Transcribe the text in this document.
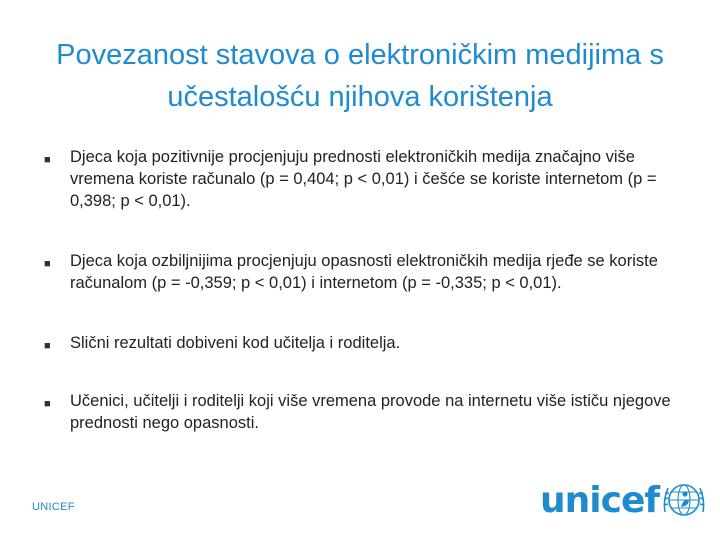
Povezanost stavova o elektroničkim medijima s učestalošću njihova korištenja
■	Djeca koja pozitivnije procjenjuju prednosti elektroničkih medija značajno više vremena koriste računalo (p = 0,404; p < 0,01) i češće se koriste internetom (p = 0,398; p < 0,01).
■	Djeca koja ozbiljnijima procjenjuju opasnosti elektroničkih medija rjeđe se koriste računalom (p = -0,359; p < 0,01) i internetom (p = -0,335; p < 0,01).
■	Slični rezultati dobiveni kod učitelja i roditelja.
■	Učenici, učitelji i roditelji koji više vremena provode na internetu više ističu njegove prednosti nego opasnosti.
UNICEF	unicef
